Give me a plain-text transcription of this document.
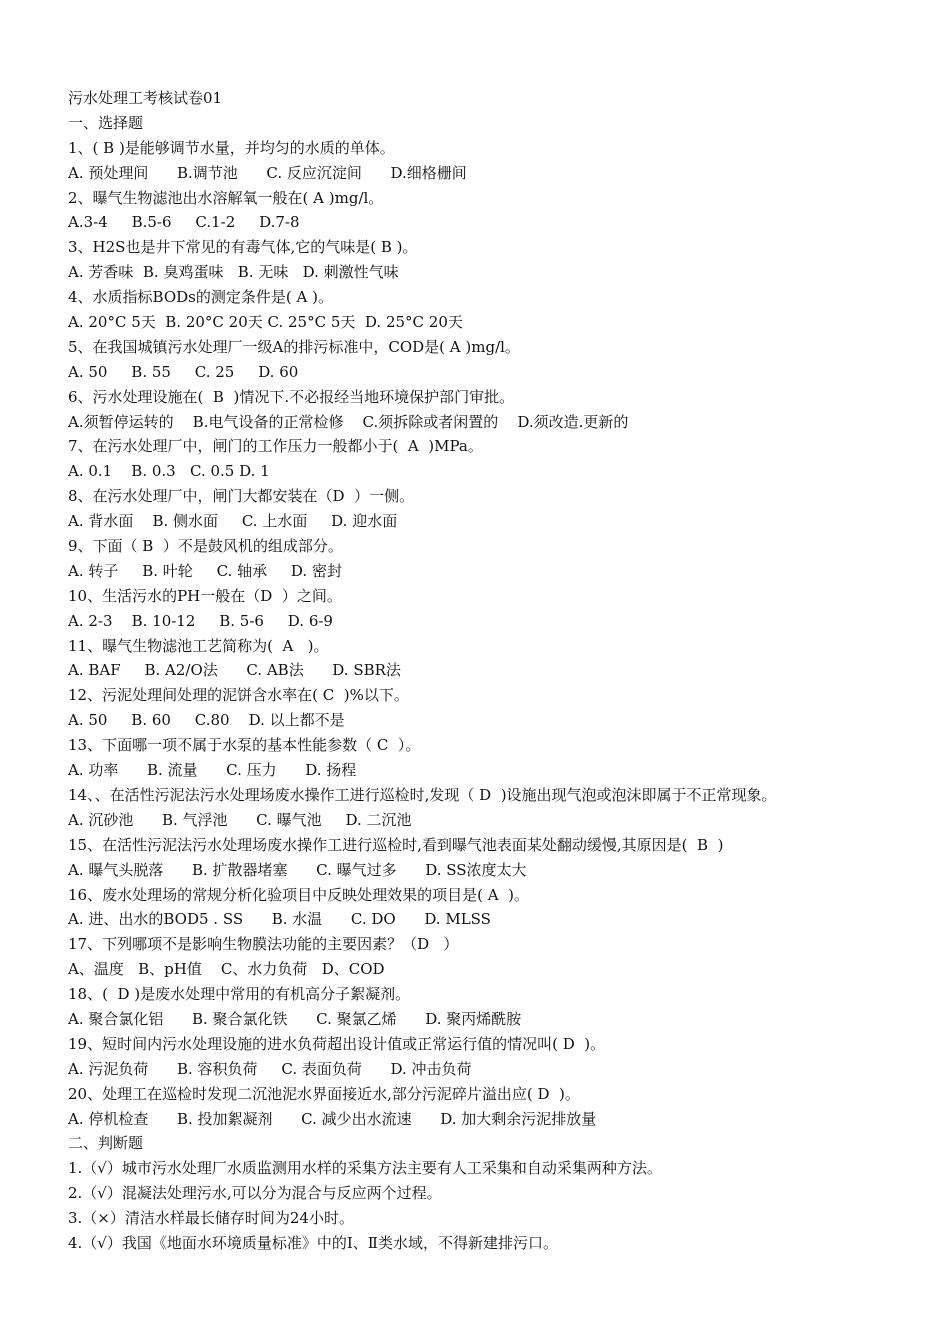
污水处理工考核试卷01
一、选择题
1、( B )是能够调节水量，并均匀的水质的单体。
A. 预处理间      B.调节池      C. 反应沉淀间      D.细格栅间
2、曝气生物滤池出水溶解氧一般在( A )mg/l。
A.3-4     B.5-6     C.1-2     D.7-8
3、H2S也是井下常见的有毒气体,它的气味是( B )。
A. 芳香味  B. 臭鸡蛋味   B. 无味   D. 刺激性气味
4、水质指标BODs的测定条件是( A )。
A. 20°C 5天  B. 20°C 20天 C. 25°C 5天  D. 25°C 20天
5、在我国城镇污水处理厂一级A的排污标准中，COD是( A )mg/l。
A. 50     B. 55     C. 25     D. 60
6、污水处理设施在(  B  )情况下.不必报经当地环境保护部门审批。
A.须暂停运转的    B.电气设备的正常检修    C.须拆除或者闲置的    D.须改造.更新的
7、在污水处理厂中，闸门的工作压力一般都小于(  A  )MPa。
A. 0.1    B. 0.3   C. 0.5 D. 1
8、在污水处理厂中，闸门大都安装在（D  ）一侧。
A. 背水面    B. 侧水面     C. 上水面     D. 迎水面
9、下面（ B  ）不是鼓风机的组成部分。
A. 转子     B. 叶轮     C. 轴承     D. 密封
10、生活污水的PH一般在（D  ）之间。
A. 2-3    B. 10-12     B. 5-6     D. 6-9
11、曝气生物滤池工艺简称为(  A   )。
A. BAF     B. A2/O法      C. AB法      D. SBR法
12、污泥处理间处理的泥饼含水率在( C  )%以下。
A. 50     B. 60     C.80    D. 以上都不是
13、下面哪一项不属于水泵的基本性能参数（ C  ）。
A. 功率      B. 流量      C. 压力      D. 扬程
14、、在活性污泥法污水处理场废水操作工进行巡检时,发现（ D  )设施出现气泡或泡沫即属于不正常现象。
A. 沉砂池      B. 气浮池      C. 曝气池     D. 二沉池
15、在活性污泥法污水处理场废水操作工进行巡检时,看到曝气池表面某处翻动缓慢,其原因是(  B  )
A. 曝气头脱落      B. 扩散器堵塞      C. 曝气过多      D. SS浓度太大
16、废水处理场的常规分析化验项目中反映处理效果的项目是( A  )。
A. 进、出水的BOD5 . SS      B. 水温      C. DO      D. MLSS
17、下列哪项不是影响生物膜法功能的主要因素？（D   ）
A、温度   B、pH值    C、水力负荷   D、COD
18、(  D )是废水处理中常用的有机高分子絮凝剂。
A. 聚合氯化铝      B. 聚合氯化铁      C. 聚氯乙烯      D. 聚丙烯酰胺
19、短时间内污水处理设施的进水负荷超出设计值或正常运行值的情况叫( D  )。
A. 污泥负荷      B. 容积负荷     C. 表面负荷      D. 冲击负荷
20、处理工在巡检时发现二沉池泥水界面接近水,部分污泥碎片溢出应( D  )。
A. 停机检查      B. 投加絮凝剂      C. 减少出水流速      D. 加大剩余污泥排放量
二、判断题
1.（√）城市污水处理厂水质监测用水样的采集方法主要有人工采集和自动采集两种方法。
2.（√）混凝法处理污水,可以分为混合与反应两个过程。
3.（×）清洁水样最长储存时间为24小时。
4.（√）我国《地面水环境质量标准》中的Ⅰ、Ⅱ类水域，不得新建排污口。
